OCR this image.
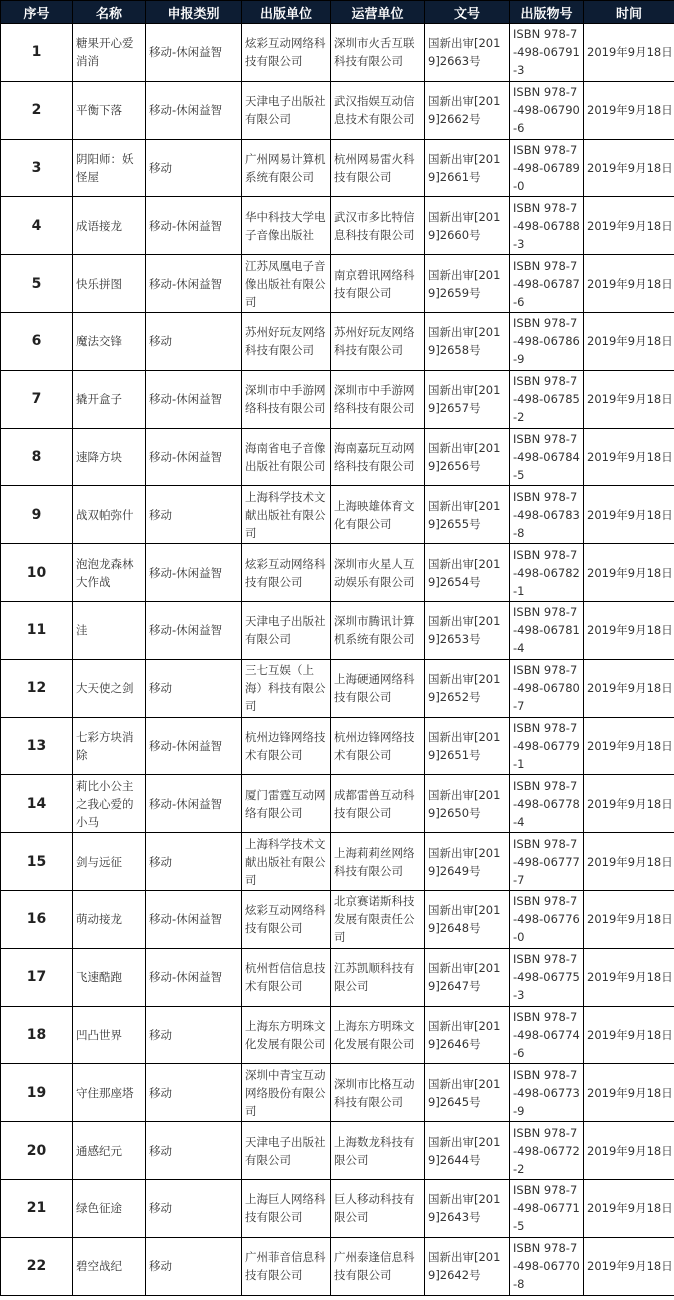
序号	名称	申报类别	出版单位	运营单位	文号	出版物号	时间
1	糖果开心爱消消	移动-休闲益智	炫彩互动网络科技有限公司	深圳市火舌互联科技有限公司	国新出审[2019]2663号	ISBN 978-7-498-06791-3	2019年9月18日
2	平衡下落	移动-休闲益智	天津电子出版社有限公司	武汉指娱互动信息技术有限公司	国新出审[2019]2662号	ISBN 978-7-498-06790-6	2019年9月18日
3	阴阳师：妖怪屋	移动	广州网易计算机系统有限公司	杭州网易雷火科技有限公司	国新出审[2019]2661号	ISBN 978-7-498-06789-0	2019年9月18日
4	成语接龙	移动-休闲益智	华中科技大学电子音像出版社	武汉市多比特信息科技有限公司	国新出审[2019]2660号	ISBN 978-7-498-06788-3	2019年9月18日
5	快乐拼图	移动-休闲益智	江苏凤凰电子音像出版社有限公司	南京碧讯网络科技有限公司	国新出审[2019]2659号	ISBN 978-7-498-06787-6	2019年9月18日
6	魔法交锋	移动	苏州好玩友网络科技有限公司	苏州好玩友网络科技有限公司	国新出审[2019]2658号	ISBN 978-7-498-06786-9	2019年9月18日
7	撬开盒子	移动-休闲益智	深圳市中手游网络科技有限公司	深圳市中手游网络科技有限公司	国新出审[2019]2657号	ISBN 978-7-498-06785-2	2019年9月18日
8	速降方块	移动-休闲益智	海南省电子音像出版社有限公司	海南嘉玩互动网络科技有限公司	国新出审[2019]2656号	ISBN 978-7-498-06784-5	2019年9月18日
9	战双帕弥什	移动	上海科学技术文献出版社有限公司	上海映雄体育文化有限公司	国新出审[2019]2655号	ISBN 978-7-498-06783-8	2019年9月18日
10	泡泡龙森林大作战	移动-休闲益智	炫彩互动网络科技有限公司	深圳市火星人互动娱乐有限公司	国新出审[2019]2654号	ISBN 978-7-498-06782-1	2019年9月18日
11	洼	移动-休闲益智	天津电子出版社有限公司	深圳市腾讯计算机系统有限公司	国新出审[2019]2653号	ISBN 978-7-498-06781-4	2019年9月18日
12	大天使之剑	移动	三七互娱（上海）科技有限公司	上海硬通网络科技有限公司	国新出审[2019]2652号	ISBN 978-7-498-06780-7	2019年9月18日
13	七彩方块消除	移动-休闲益智	杭州边锋网络技术有限公司	杭州边锋网络技术有限公司	国新出审[2019]2651号	ISBN 978-7-498-06779-1	2019年9月18日
14	莉比小公主之我心爱的小马	移动-休闲益智	厦门雷霆互动网络有限公司	成都雷兽互动科技有限公司	国新出审[2019]2650号	ISBN 978-7-498-06778-4	2019年9月18日
15	剑与远征	移动	上海科学技术文献出版社有限公司	上海莉莉丝网络科技有限公司	国新出审[2019]2649号	ISBN 978-7-498-06777-7	2019年9月18日
16	萌动接龙	移动-休闲益智	炫彩互动网络科技有限公司	北京赛诺斯科技发展有限责任公司	国新出审[2019]2648号	ISBN 978-7-498-06776-0	2019年9月18日
17	飞速酷跑	移动-休闲益智	杭州哲信信息技术有限公司	江苏凯顺科技有限公司	国新出审[2019]2647号	ISBN 978-7-498-06775-3	2019年9月18日
18	凹凸世界	移动	上海东方明珠文化发展有限公司	上海东方明珠文化发展有限公司	国新出审[2019]2646号	ISBN 978-7-498-06774-6	2019年9月18日
19	守住那座塔	移动	深圳中青宝互动网络股份有限公司	深圳市比格互动科技有限公司	国新出审[2019]2645号	ISBN 978-7-498-06773-9	2019年9月18日
20	通感纪元	移动	天津电子出版社有限公司	上海数龙科技有限公司	国新出审[2019]2644号	ISBN 978-7-498-06772-2	2019年9月18日
21	绿色征途	移动	上海巨人网络科技有限公司	巨人移动科技有限公司	国新出审[2019]2643号	ISBN 978-7-498-06771-5	2019年9月18日
22	碧空战纪	移动	广州菲音信息科技有限公司	广州泰逢信息科技有限公司	国新出审[2019]2642号	ISBN 978-7-498-06770-8	2019年9月18日
